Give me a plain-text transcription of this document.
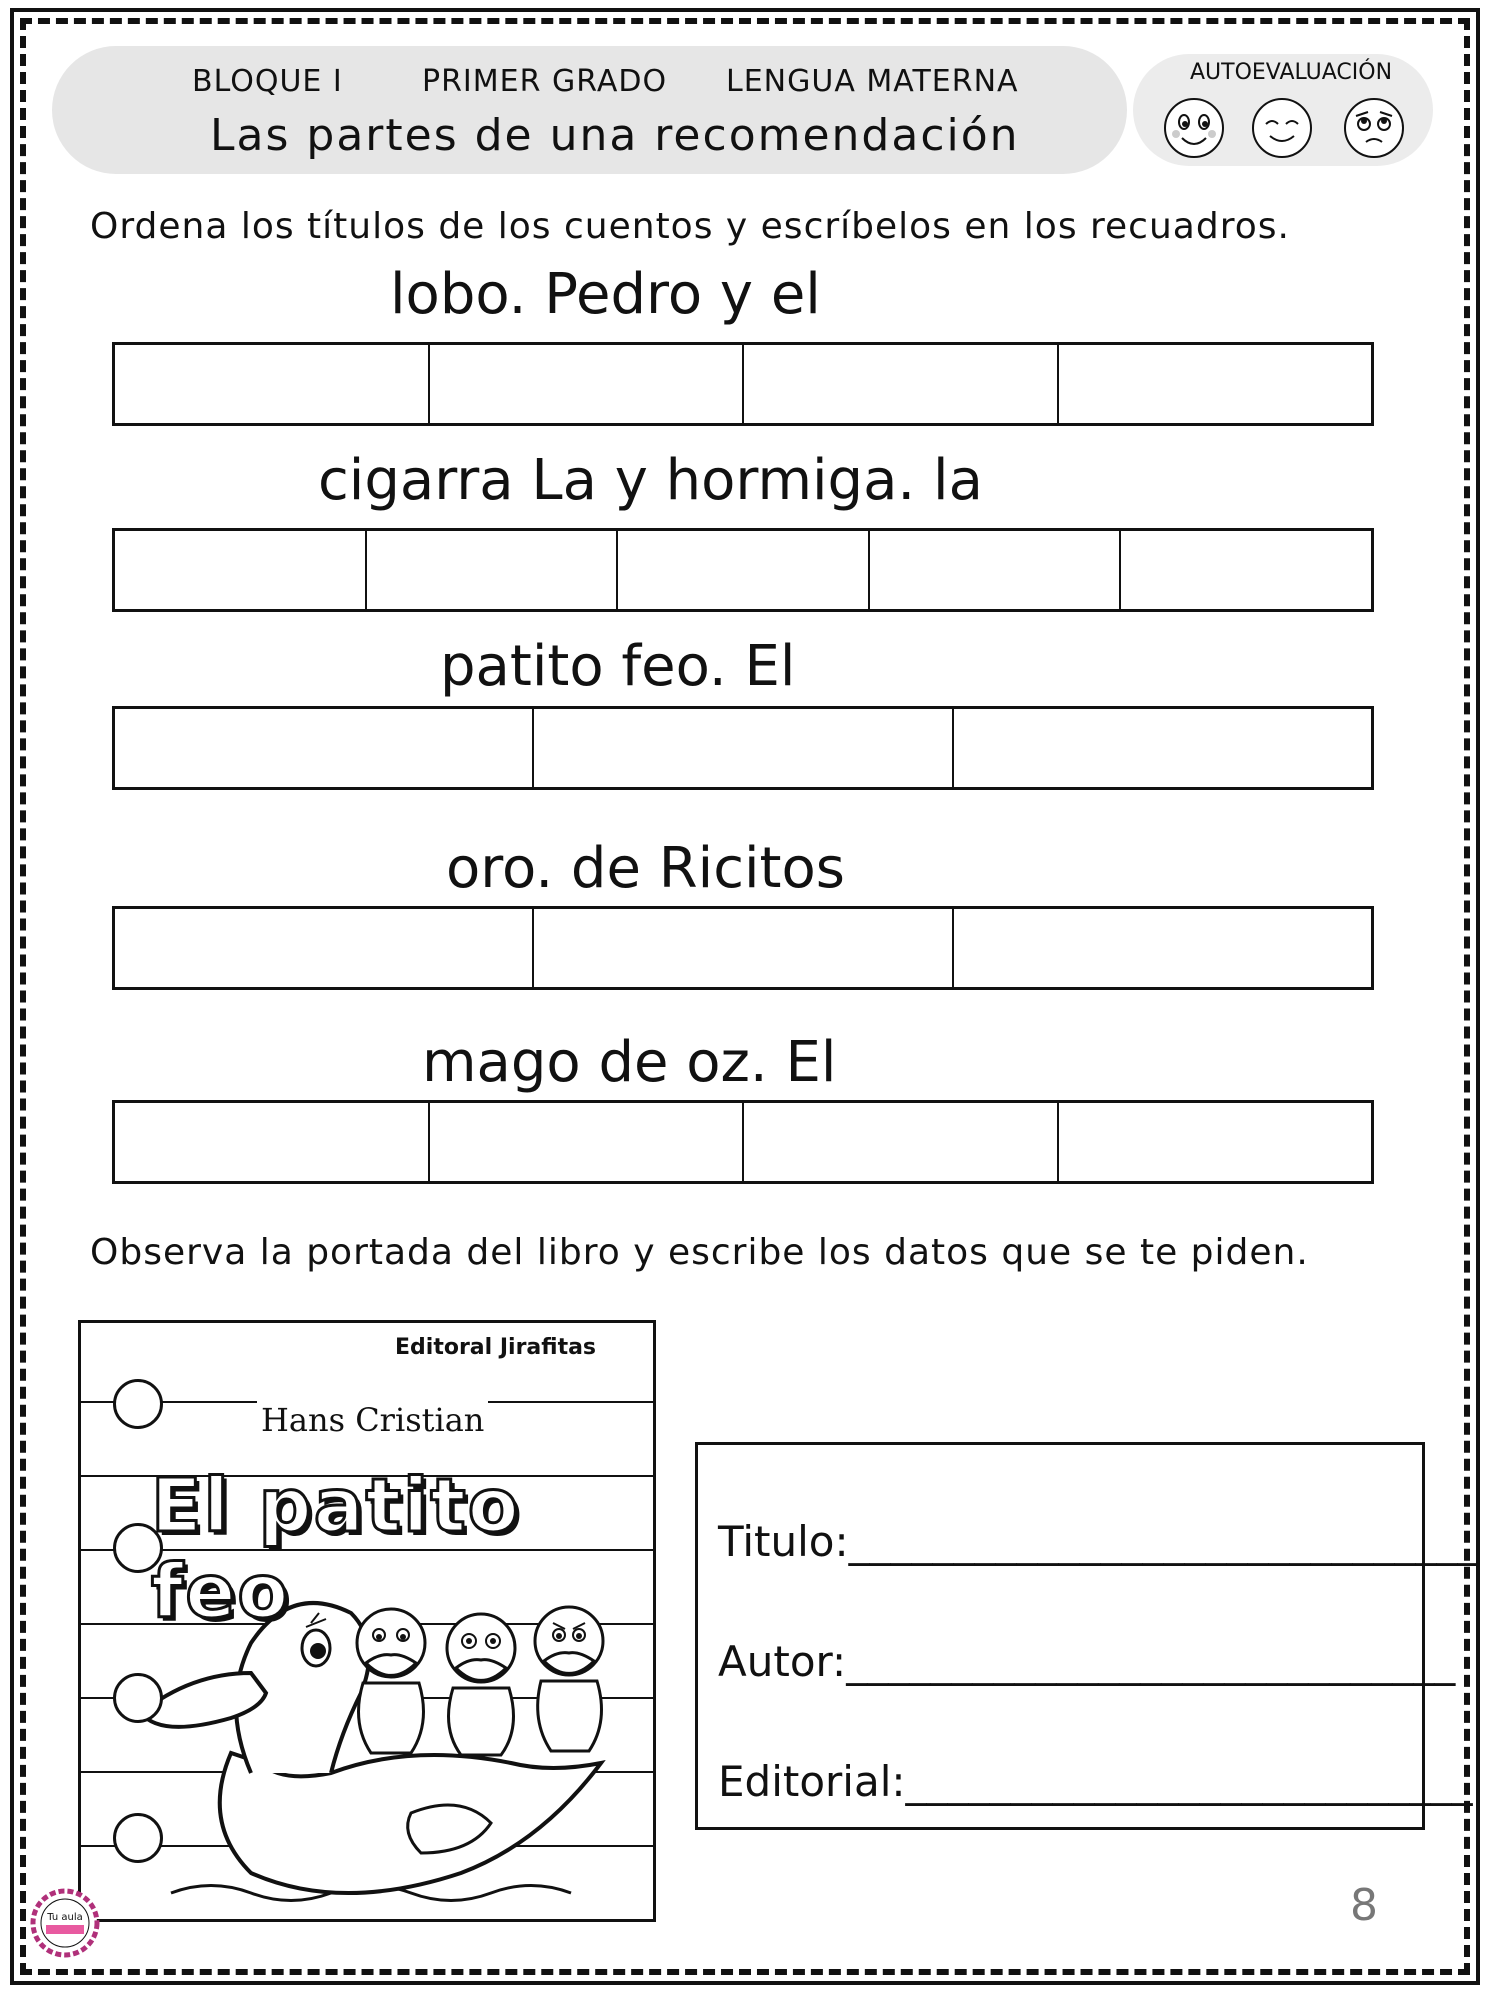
BLOQUE I	PRIMER GRADO LENGUA MATERNA
Las partes de una recomendación
AUTOEVALUACIÓN
Ordena los títulos de los cuentos y escríbelos en los recuadros.
lobo. Pedro y el
cigarra La y hormiga. la
patito feo. El
oro. de Ricitos
mago de oz. El
Observa la portada del libro y escribe los datos que se te piden.
Editoral Jirafitas
Hans Cristian
El patito feo
Titulo:______________________________
Autor:_____________________________
Editorial:___________________________
8
Tu aula
